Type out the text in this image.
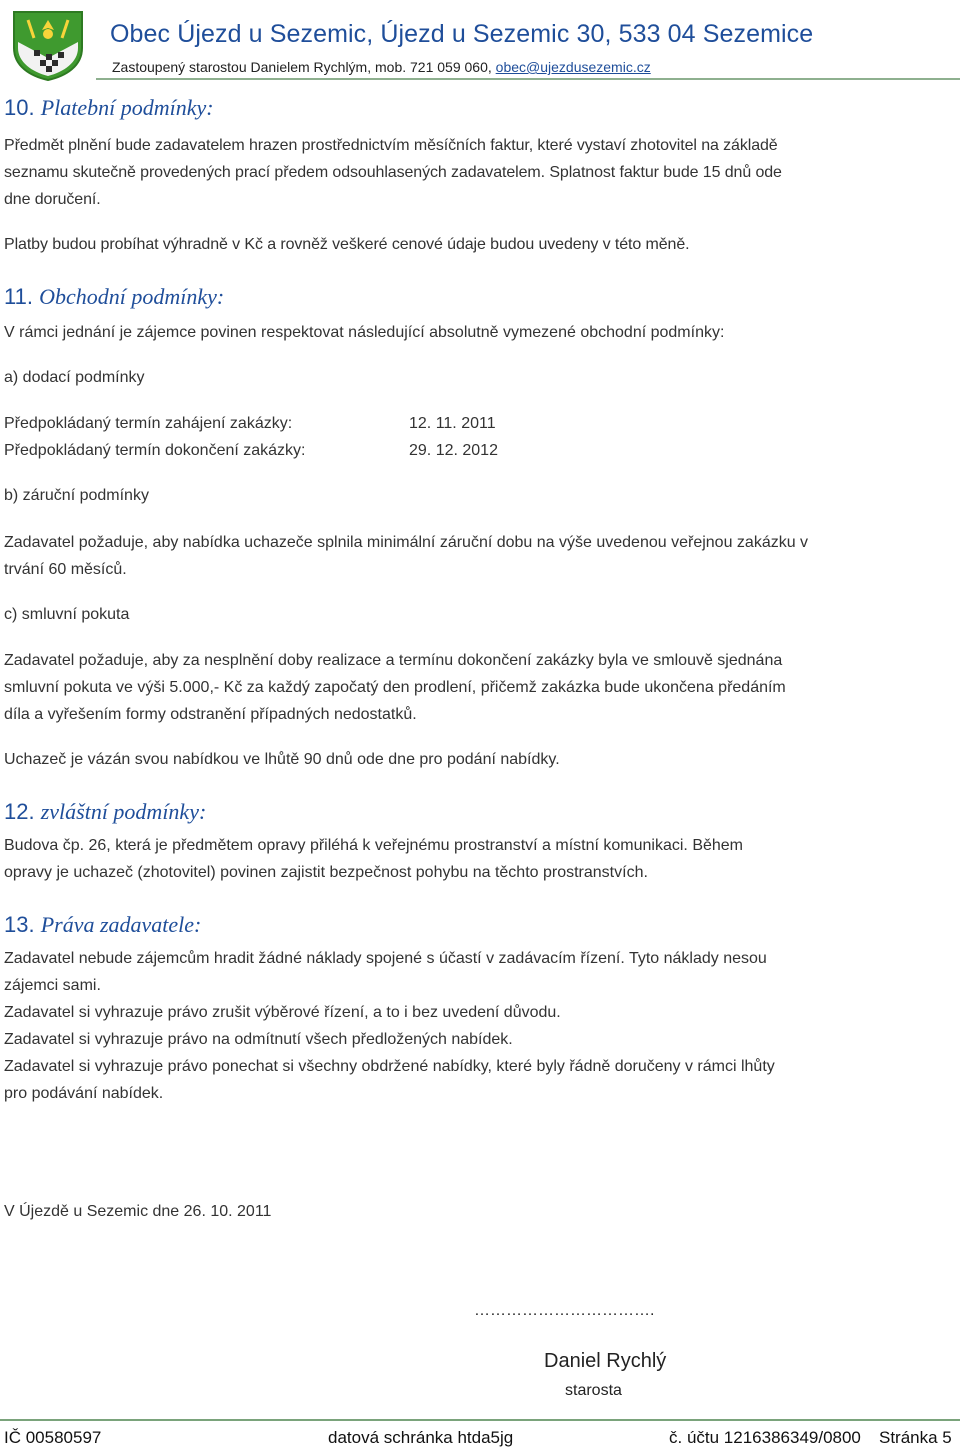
Obec Újezd u Sezemic, Újezd u Sezemic 30, 533 04 Sezemice
Zastoupený starostou Danielem Rychlým, mob. 721 059 060, obec@ujezdusezemic.cz
10. Platební podmínky:
Předmět plnění bude zadavatelem hrazen prostřednictvím měsíčních faktur, které vystaví zhotovitel na základě
seznamu skutečně provedených prací předem odsouhlasených zadavatelem. Splatnost faktur bude 15 dnů ode
dne doručení.
Platby budou probíhat výhradně v Kč a rovněž veškeré cenové údaje budou uvedeny v této měně.
11. Obchodní podmínky:
V rámci jednání je zájemce povinen respektovat následující absolutně vymezené obchodní podmínky:
a) dodací podmínky
Předpokládaný termín zahájení zakázky:	12. 11. 2011
Předpokládaný termín dokončení zakázky:	29. 12. 2012
b) záruční podmínky
Zadavatel požaduje, aby nabídka uchazeče splnila minimální záruční dobu na výše uvedenou veřejnou zakázku v
trvání 60 měsíců.
c) smluvní pokuta
Zadavatel požaduje, aby za nesplnění doby realizace a termínu dokončení zakázky byla ve smlouvě sjednána
smluvní pokuta ve výši 5.000,- Kč za každý započatý den prodlení, přičemž zakázka bude ukončena předáním
díla a vyřešením formy odstranění případných nedostatků.
Uchazeč je vázán svou nabídkou ve lhůtě 90 dnů ode dne pro podání nabídky.
12. zvláštní podmínky:
Budova čp. 26, která je předmětem opravy přiléhá k veřejnému prostranství a místní komunikaci. Během
opravy je uchazeč (zhotovitel) povinen zajistit bezpečnost pohybu na těchto prostranstvích.
13. Práva zadavatele:
Zadavatel nebude zájemcům hradit žádné náklady spojené s účastí v zadávacím řízení. Tyto náklady nesou
zájemci sami.
Zadavatel si vyhrazuje právo zrušit výběrové řízení, a to i bez uvedení důvodu.
Zadavatel si vyhrazuje právo na odmítnutí všech předložených nabídek.
Zadavatel si vyhrazuje právo ponechat si všechny obdržené nabídky, které byly řádně doručeny v rámci lhůty
pro podávání nabídek.
V Újezdě u Sezemic dne 26. 10. 2011
…………………………….
Daniel Rychlý
starosta
IČ 00580597	datová schránka htda5jg	č. účtu 1216386349/0800 Stránka 5
